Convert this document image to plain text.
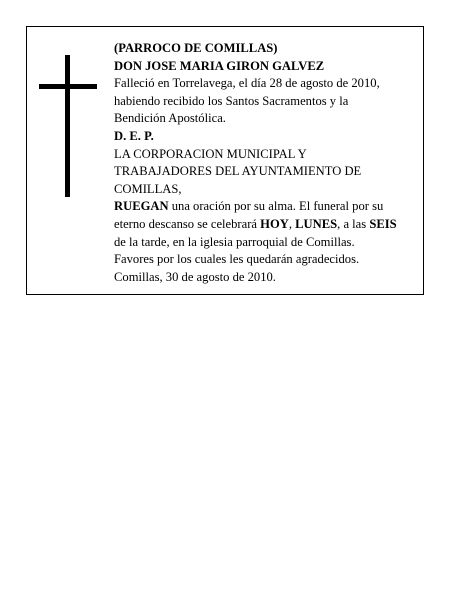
(PARROCO DE COMILLAS)
DON JOSE MARIA GIRON GALVEZ
Falleció en Torrelavega, el día 28 de agosto de 2010,
habiendo recibido los Santos Sacramentos y la
Bendición Apostólica.
D. E. P.
LA CORPORACION MUNICIPAL Y
TRABAJADORES DEL AYUNTAMIENTO DE
COMILLAS,
RUEGAN una oración por su alma. El funeral por su
eterno descanso se celebrará HOY, LUNES, a las SEIS
de la tarde, en la iglesia parroquial de Comillas.
Favores por los cuales les quedarán agradecidos.
Comillas, 30 de agosto de 2010.
